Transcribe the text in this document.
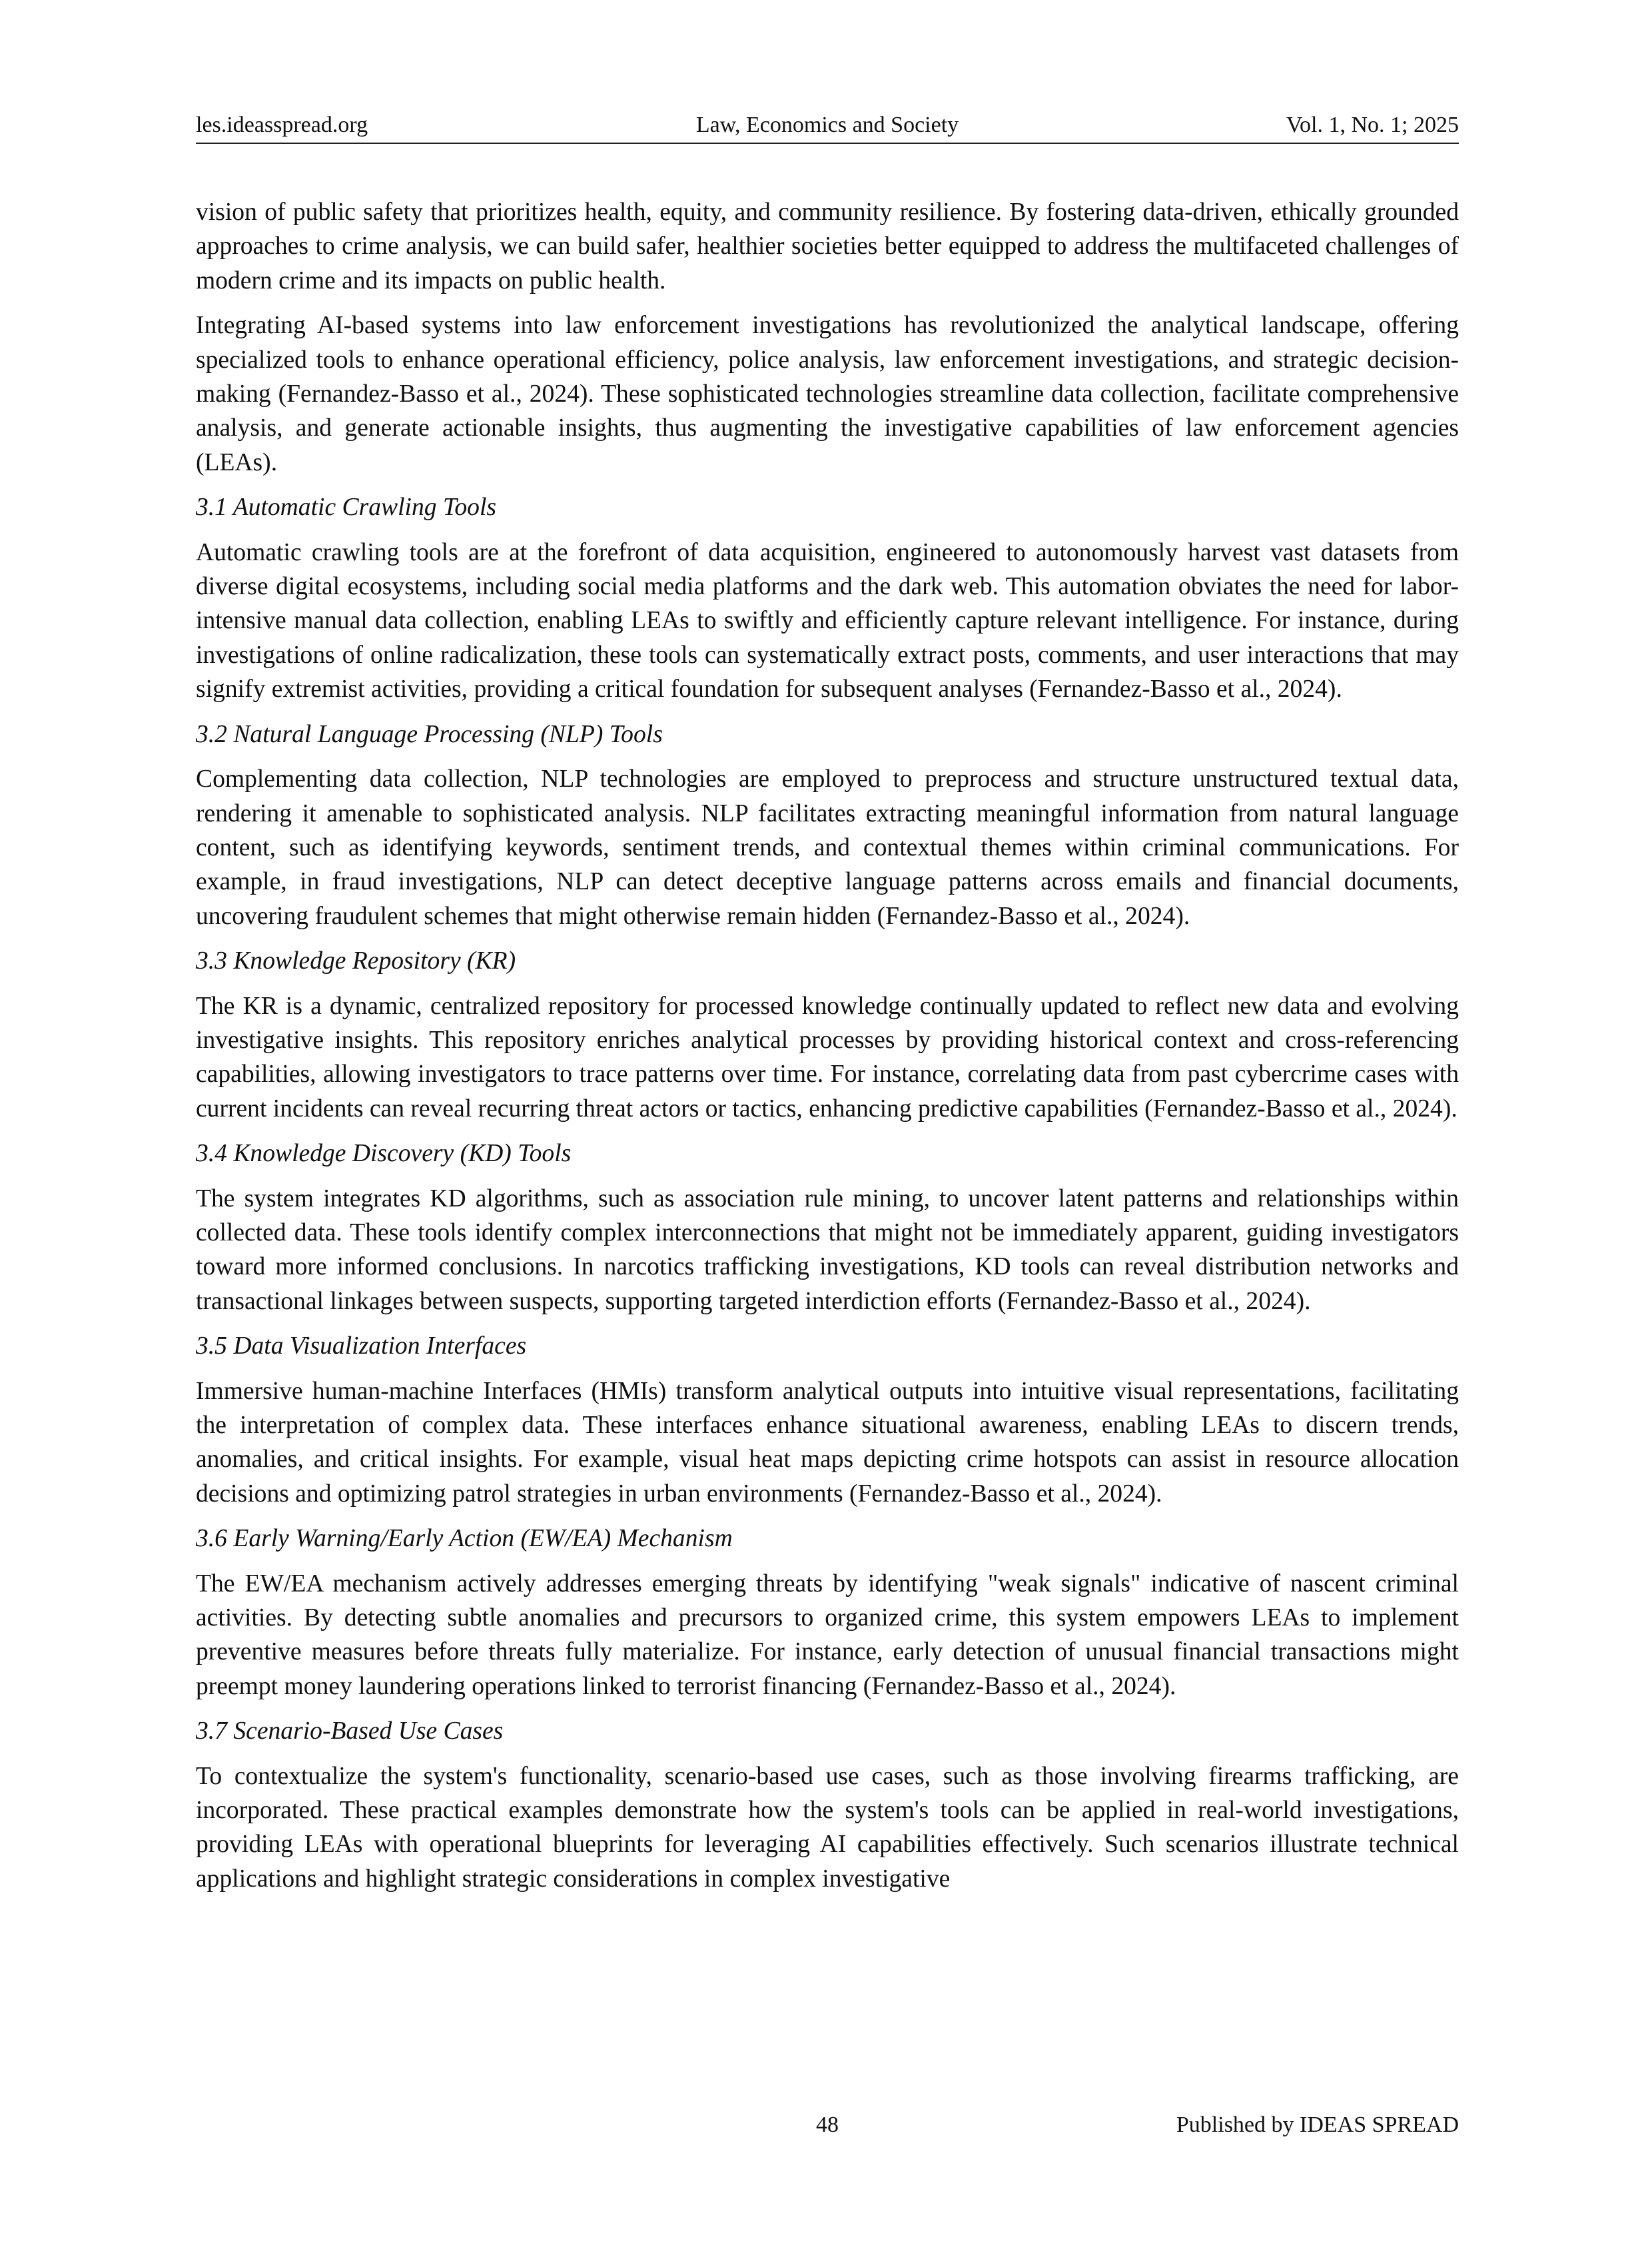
les.ideasspread.org	Law, Economics and Society	Vol. 1, No. 1; 2025

vision of public safety that prioritizes health, equity, and community resilience. By fostering data-driven, ethically grounded approaches to crime analysis, we can build safer, healthier societies better equipped to address the multifaceted challenges of modern crime and its impacts on public health.

Integrating AI-based systems into law enforcement investigations has revolutionized the analytical landscape, offering specialized tools to enhance operational efficiency, police analysis, law enforcement investigations, and strategic decision-making (Fernandez-Basso et al., 2024). These sophisticated technologies streamline data collection, facilitate comprehensive analysis, and generate actionable insights, thus augmenting the investigative capabilities of law enforcement agencies (LEAs).

3.1 Automatic Crawling Tools

Automatic crawling tools are at the forefront of data acquisition, engineered to autonomously harvest vast datasets from diverse digital ecosystems, including social media platforms and the dark web. This automation obviates the need for labor-intensive manual data collection, enabling LEAs to swiftly and efficiently capture relevant intelligence. For instance, during investigations of online radicalization, these tools can systematically extract posts, comments, and user interactions that may signify extremist activities, providing a critical foundation for subsequent analyses (Fernandez-Basso et al., 2024).

3.2 Natural Language Processing (NLP) Tools

Complementing data collection, NLP technologies are employed to preprocess and structure unstructured textual data, rendering it amenable to sophisticated analysis. NLP facilitates extracting meaningful information from natural language content, such as identifying keywords, sentiment trends, and contextual themes within criminal communications. For example, in fraud investigations, NLP can detect deceptive language patterns across emails and financial documents, uncovering fraudulent schemes that might otherwise remain hidden (Fernandez-Basso et al., 2024).

3.3 Knowledge Repository (KR)

The KR is a dynamic, centralized repository for processed knowledge continually updated to reflect new data and evolving investigative insights. This repository enriches analytical processes by providing historical context and cross-referencing capabilities, allowing investigators to trace patterns over time. For instance, correlating data from past cybercrime cases with current incidents can reveal recurring threat actors or tactics, enhancing predictive capabilities (Fernandez-Basso et al., 2024).

3.4 Knowledge Discovery (KD) Tools

The system integrates KD algorithms, such as association rule mining, to uncover latent patterns and relationships within collected data. These tools identify complex interconnections that might not be immediately apparent, guiding investigators toward more informed conclusions. In narcotics trafficking investigations, KD tools can reveal distribution networks and transactional linkages between suspects, supporting targeted interdiction efforts (Fernandez-Basso et al., 2024).

3.5 Data Visualization Interfaces

Immersive human-machine Interfaces (HMIs) transform analytical outputs into intuitive visual representations, facilitating the interpretation of complex data. These interfaces enhance situational awareness, enabling LEAs to discern trends, anomalies, and critical insights. For example, visual heat maps depicting crime hotspots can assist in resource allocation decisions and optimizing patrol strategies in urban environments (Fernandez-Basso et al., 2024).

3.6 Early Warning/Early Action (EW/EA) Mechanism

The EW/EA mechanism actively addresses emerging threats by identifying "weak signals" indicative of nascent criminal activities. By detecting subtle anomalies and precursors to organized crime, this system empowers LEAs to implement preventive measures before threats fully materialize. For instance, early detection of unusual financial transactions might preempt money laundering operations linked to terrorist financing (Fernandez-Basso et al., 2024).

3.7 Scenario-Based Use Cases

To contextualize the system's functionality, scenario-based use cases, such as those involving firearms trafficking, are incorporated. These practical examples demonstrate how the system's tools can be applied in real-world investigations, providing LEAs with operational blueprints for leveraging AI capabilities effectively. Such scenarios illustrate technical applications and highlight strategic considerations in complex investigative

48	Published by IDEAS SPREAD
